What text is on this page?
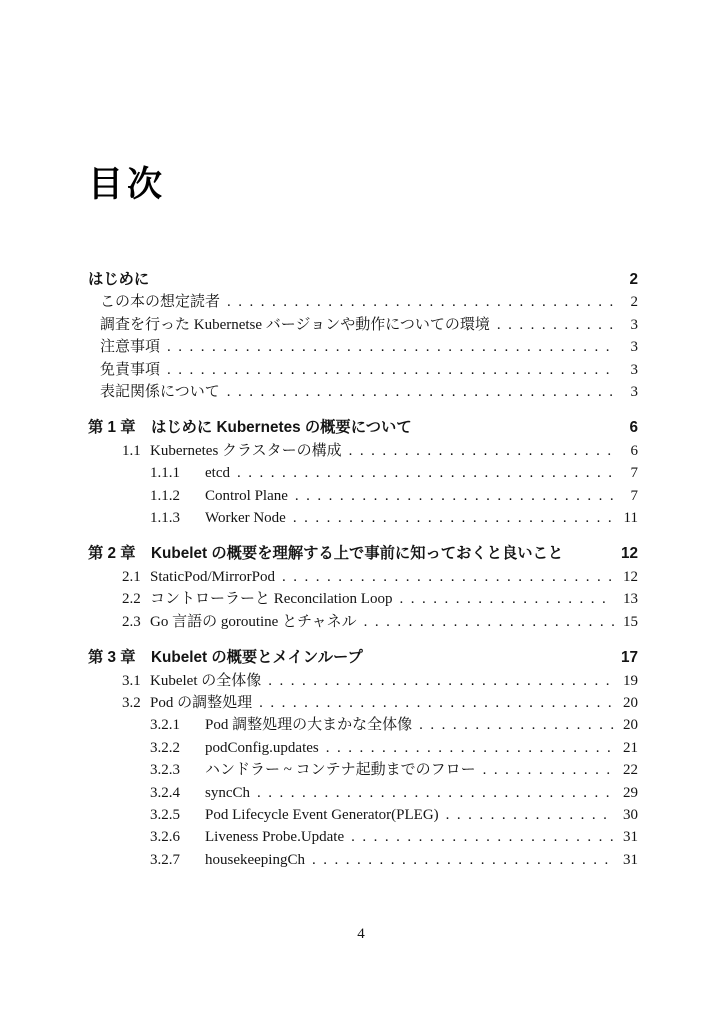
目次
はじめに	2
この本の想定読者 .....	2
調査を行った Kubernetse バージョンや動作についての環境 .....	3
注意事項 .....	3
免責事項 .....	3
表記関係について .....	3
第 1 章	はじめに Kubernetes の概要について	6
1.1 Kubernetes クラスターの構成 .....	6
1.1.1	etcd .....	7
1.1.2	Control Plane .....	7
1.1.3	Worker Node .....	11
第 2 章	Kubelet の概要を理解する上で事前に知っておくと良いこと	12
2.1 StaticPod/MirrorPod .....	12
2.2 コントローラーと Reconcilation Loop .....	13
2.3 Go 言語の goroutine とチャネル .....	15
第 3 章	Kubelet の概要とメインループ	17
3.1 Kubelet の全体像 .....	19
3.2 Pod の調整処理 .....	20
3.2.1	Pod 調整処理の大まかな全体像 .....	20
3.2.2	podConfig.updates .....	21
3.2.3	ハンドラー ~ コンテナ起動までのフロー .....	22
3.2.4	syncCh .....	29
3.2.5	Pod Lifecycle Event Generator(PLEG) .....	30
3.2.6	Liveness Probe.Update .....	31
3.2.7	housekeepingCh .....	31
4
